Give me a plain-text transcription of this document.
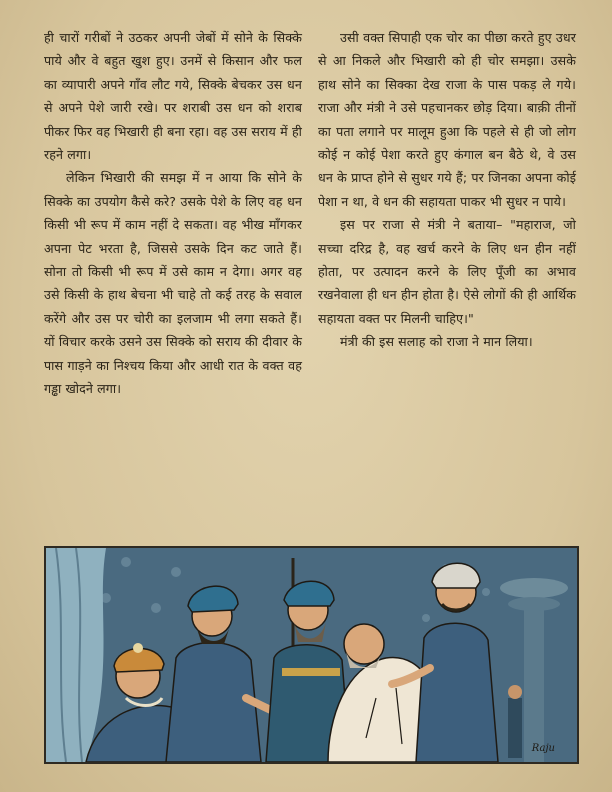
ही चारों गरीबों ने उठकर अपनी जेबों में सोने के सिक्के पाये और वे बहुत खुश हुए। उनमें से किसान और फल का व्यापारी अपने गाँव लौट गये, सिक्के बेचकर उस धन से अपने पेशे जारी रखे। पर शराबी उस धन को शराब पीकर फिर वह भिखारी ही बना रहा। वह उस सराय में ही रहने लगा।

लेकिन भिखारी की समझ में न आया कि सोने के सिक्के का उपयोग कैसे करे? उसके पेशे के लिए वह धन किसी भी रूप में काम नहीं दे सकता। वह भीख माँगकर अपना पेट भरता है, जिससे उसके दिन कट जाते हैं। सोना तो किसी भी रूप में उसे काम न देगा। अगर वह उसे किसी के हाथ बेचना भी चाहे तो कई तरह के सवाल करेंगे और उस पर चोरी का इलजाम भी लगा सकते हैं। यों विचार करके उसने उस सिक्के को सराय की दीवार के पास गाड़ने का निश्चय किया और आधी रात के वक्त वह गड्ढा खोदने लगा।

उसी वक्त सिपाही एक चोर का पीछा करते हुए उधर से आ निकले और भिखारी को ही चोर समझा। उसके हाथ सोने का सिक्का देख राजा के पास पकड़ ले गये। राजा और मंत्री ने उसे पहचानकर छोड़ दिया। बाक़ी तीनों का पता लगाने पर मालूम हुआ कि पहले से ही जो लोग कोई न कोई पेशा करते हुए कंगाल बन बैठे थे, वे उस धन के प्राप्त होने से सुधर गये हैं; पर जिनका अपना कोई पेशा न था, वे धन की सहायता पाकर भी सुधर न पाये।

इस पर राजा से मंत्री ने बताया– "महाराज, जो सच्चा दरिद्र है, वह खर्च करने के लिए धन हीन नहीं होता, पर उत्पादन करने के लिए पूँजी का अभाव रखनेवाला ही धन हीन होता है। ऐसे लोगों की ही आर्थिक सहायता वक्त पर मिलनी चाहिए।"

मंत्री की इस सलाह को राजा ने मान लिया।

Raju
